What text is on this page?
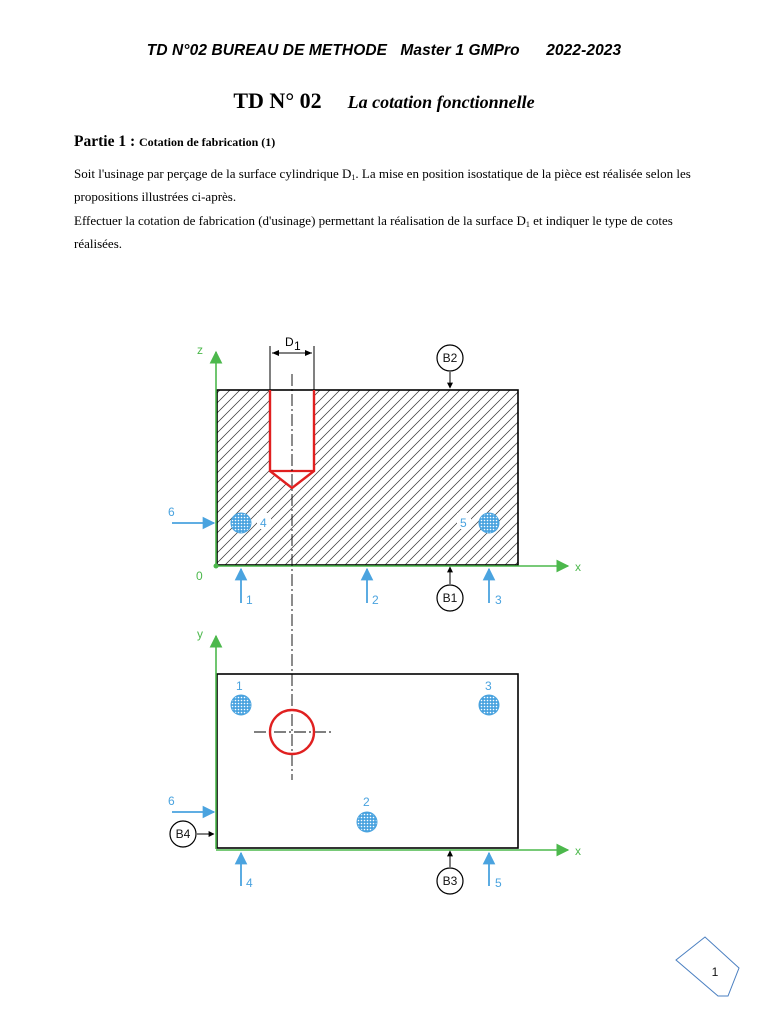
TD N°02 BUREAU DE METHODE Master 1 GMPro 2022-2023
TD N° 02 La cotation fonctionnelle
Partie 1 : Cotation de fabrication (1)
Soit l'usinage par perçage de la surface cylindrique $D_1$. La mise en position isostatique de la pièce est réalisée selon les propositions illustrées ci-après.
Effectuer la cotation de fabrication (d'usinage) permettant la réalisation de la surface $D_1$ et indiquer le type de cotes réalisées.
D 1
z
x
0
1	2	3
6
4	5
B2
B1
y
x
1
2
3
4	5
6
B4
B3
1
